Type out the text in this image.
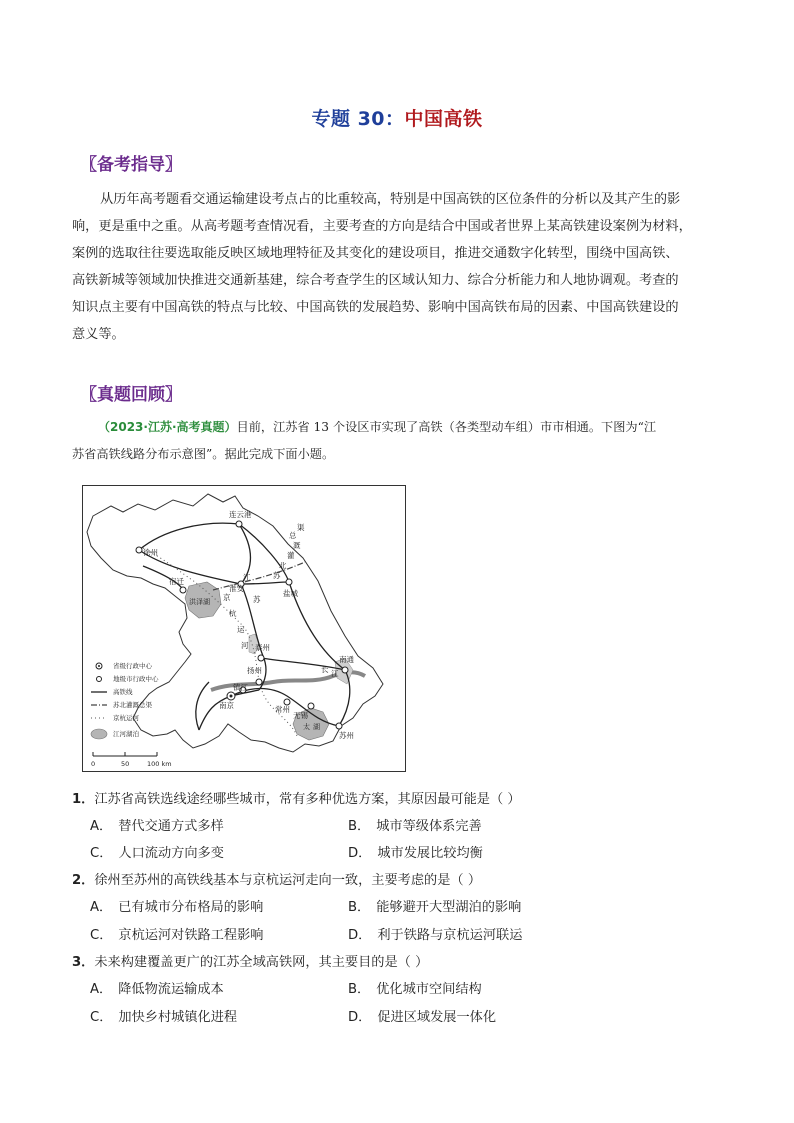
专题 30：中国高铁
〖备考指导〗
从历年高考题看交通运输建设考点占的比重较高，特别是中国高铁的区位条件的分析以及其产生的影
响，更是重中之重。从高考题考查情况看，主要考查的方向是结合中国或者世界上某高铁建设案例为材料，
案例的选取往往要选取能反映区域地理特征及其变化的建设项目，推进交通数字化转型，围绕中国高铁、
高铁新城等领域加快推进交通新基建，综合考查学生的区域认知力、综合分析能力和人地协调观。考查的
知识点主要有中国高铁的特点与比较、中国高铁的发展趋势、影响中国高铁布局的因素、中国高铁建设的
意义等。
〖真题回顾〗
（2023·江苏·高考真题）目前，江苏省 13 个设区市实现了高铁（各类型动车组）市市相通。下图为“江
苏省高铁线路分布示意图”。据此完成下面小题。
连云港
徐州
宿迁
淮安
盐城
泰州
扬州
南通
镇江
南京	常州
无锡
苏州
洪泽湖
太 湖
江
苏
苏
北
灌
溉
总
渠
京
杭
运
河
长 江
省级行政中心
地级市行政中心
高铁线
苏北灌溉总渠
京杭运河
江河湖泊
0	50	100 km
1．江苏省高铁选线途经哪些城市，常有多种优选方案，其原因最可能是（ ）
A． 替代交通方式多样	B． 城市等级体系完善
C． 人口流动方向多变	D． 城市发展比较均衡
2．徐州至苏州的高铁线基本与京杭运河走向一致，主要考虑的是（ ）
A． 已有城市分布格局的影响	B． 能够避开大型湖泊的影响
C． 京杭运河对铁路工程影响	D． 利于铁路与京杭运河联运
3．未来构建覆盖更广的江苏全域高铁网，其主要目的是（ ）
A． 降低物流运输成本	B． 优化城市空间结构
C． 加快乡村城镇化进程	D． 促进区域发展一体化
